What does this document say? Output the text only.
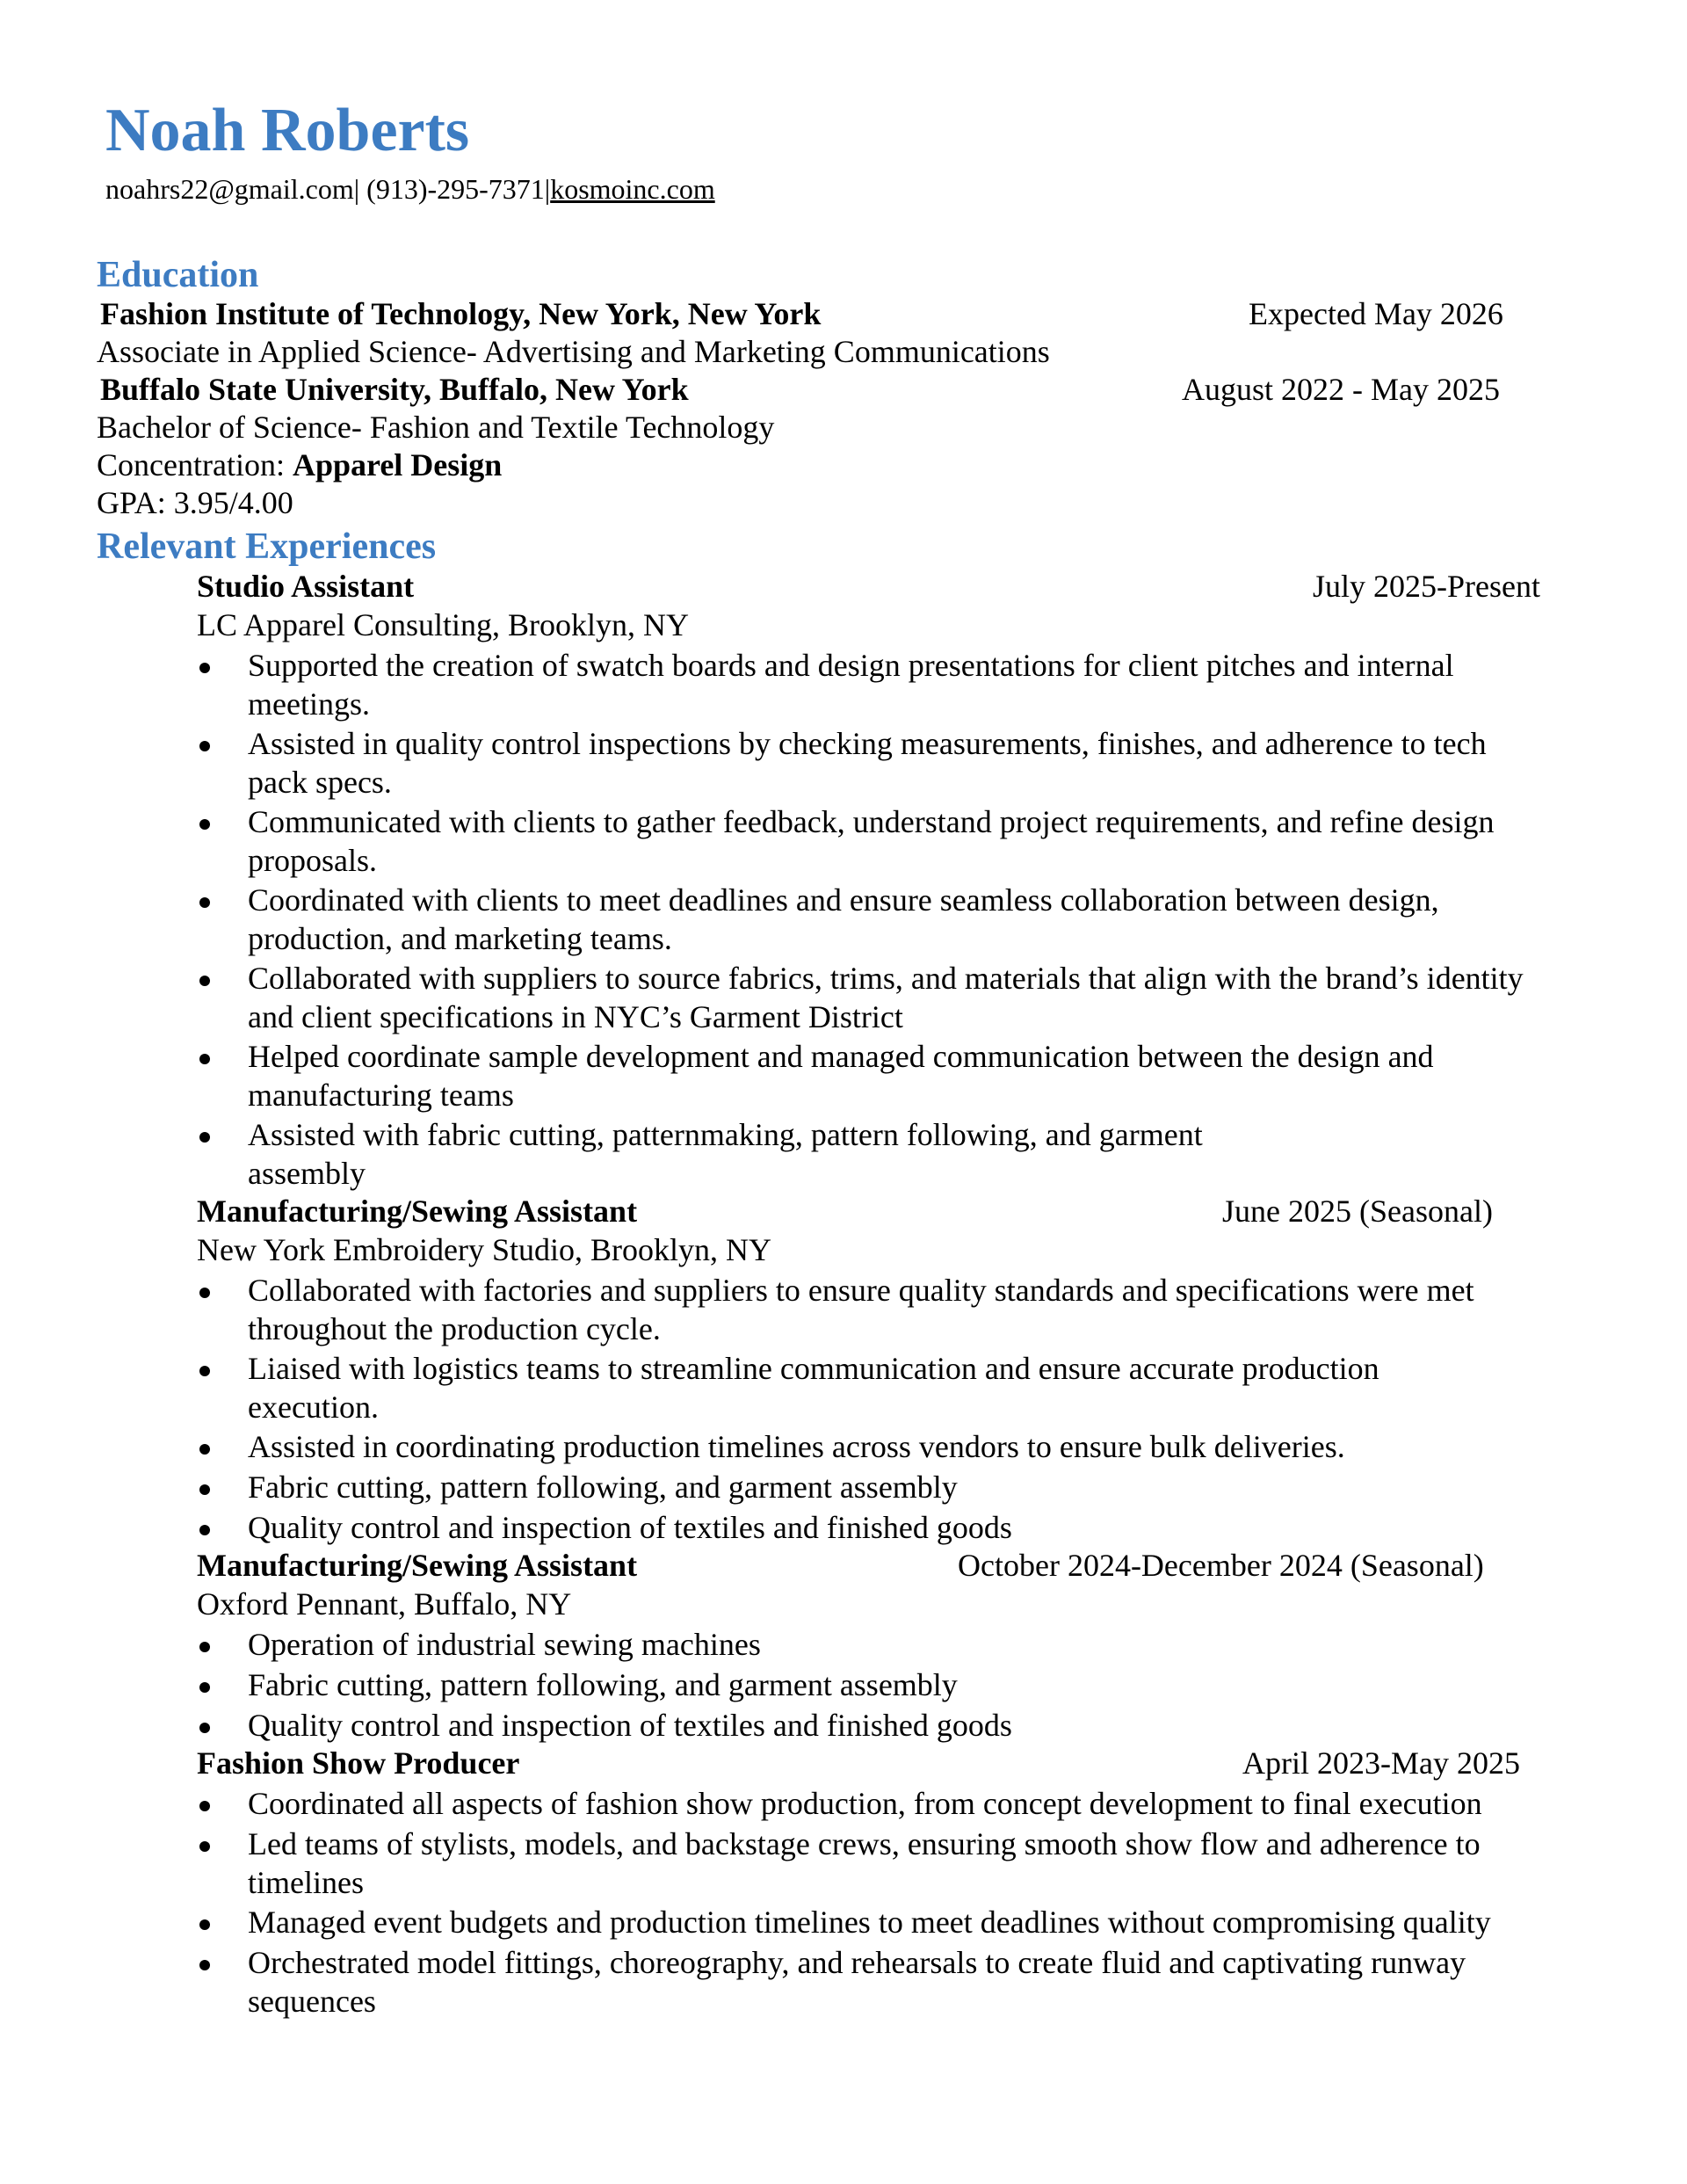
Noah Roberts
noahrs22@gmail.com| (913)-295-7371|kosmoinc.com
Education
Fashion Institute of Technology, New York, New York	Expected May 2026
Associate in Applied Science- Advertising and Marketing Communications
Buffalo State University, Buffalo, New York	August 2022 - May 2025
Bachelor of Science- Fashion and Textile Technology
Concentration: Apparel Design
GPA: 3.95/4.00
Relevant Experiences
Studio Assistant	July 2025-Present
LC Apparel Consulting, Brooklyn, NY
Supported the creation of swatch boards and design presentations for client pitches and internal
meetings.
Assisted in quality control inspections by checking measurements, finishes, and adherence to tech
pack specs.
Communicated with clients to gather feedback, understand project requirements, and refine design
proposals.
Coordinated with clients to meet deadlines and ensure seamless collaboration between design,
production, and marketing teams.
Collaborated with suppliers to source fabrics, trims, and materials that align with the brand’s identity
and client specifications in NYC’s Garment District
Helped coordinate sample development and managed communication between the design and
manufacturing teams
Assisted with fabric cutting, patternmaking, pattern following, and garment
assembly
Manufacturing/Sewing Assistant	June 2025 (Seasonal)
New York Embroidery Studio, Brooklyn, NY
Collaborated with factories and suppliers to ensure quality standards and specifications were met
throughout the production cycle.
Liaised with logistics teams to streamline communication and ensure accurate production
execution.
Assisted in coordinating production timelines across vendors to ensure bulk deliveries.
Fabric cutting, pattern following, and garment assembly
Quality control and inspection of textiles and finished goods
Manufacturing/Sewing Assistant	October 2024-December 2024 (Seasonal)
Oxford Pennant, Buffalo, NY
Operation of industrial sewing machines
Fabric cutting, pattern following, and garment assembly
Quality control and inspection of textiles and finished goods
Fashion Show Producer	April 2023-May 2025
Coordinated all aspects of fashion show production, from concept development to final execution
Led teams of stylists, models, and backstage crews, ensuring smooth show flow and adherence to
timelines
Managed event budgets and production timelines to meet deadlines without compromising quality
Orchestrated model fittings, choreography, and rehearsals to create fluid and captivating runway
sequences
